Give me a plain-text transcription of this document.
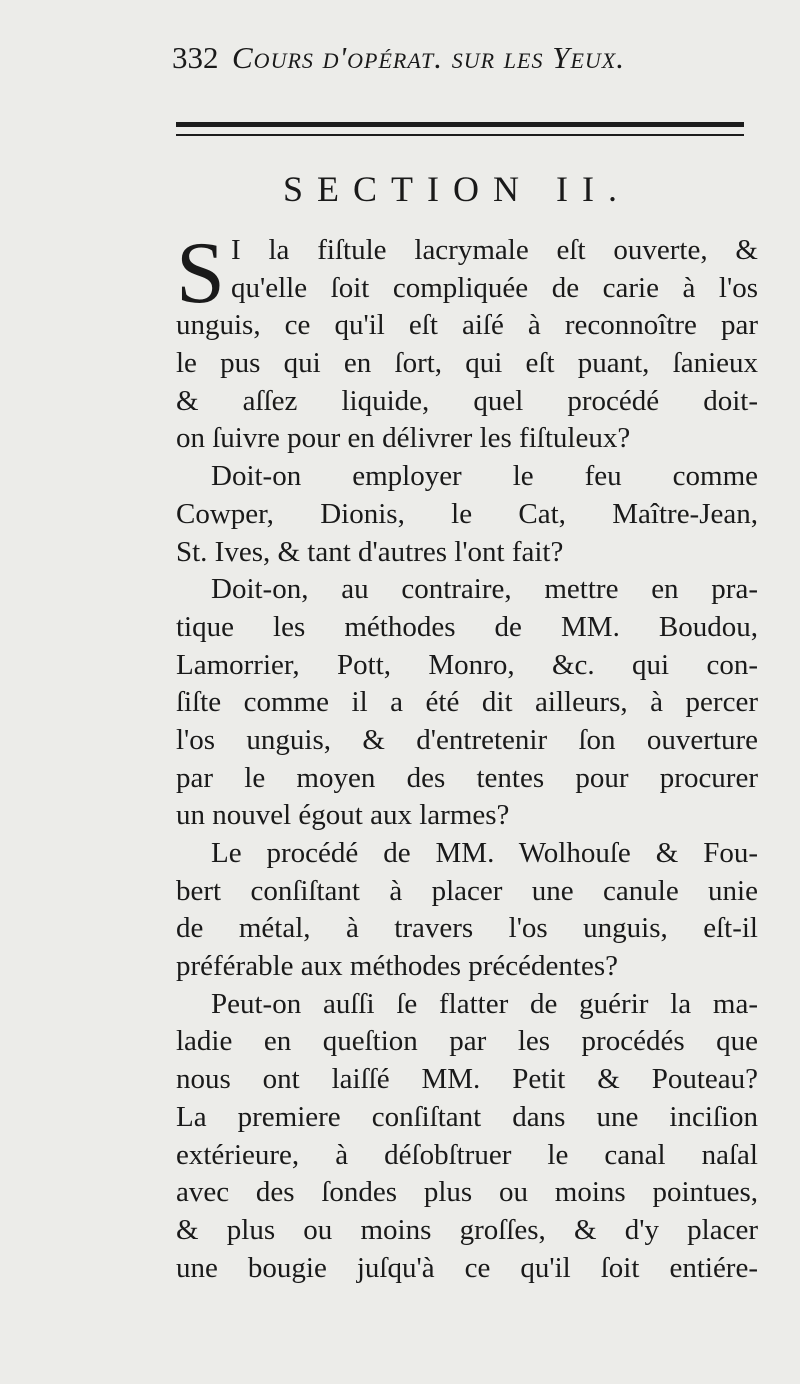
332 Cours d'opérat. sur les Yeux.
SECTION II.
S I la fiſtule lacrymale eſt ouverte, &
qu'elle ſoit compliquée de carie à l'os
unguis, ce qu'il eſt aiſé à reconnoître par
le pus qui en ſort, qui eſt puant, ſanieux
& aſſez liquide, quel procédé doit-
on ſuivre pour en délivrer les fiſtuleux?
Doit-on employer le feu comme
Cowper, Dionis, le Cat, Maître-Jean,
St. Ives, & tant d'autres l'ont fait?
Doit-on, au contraire, mettre en pra-
tique les méthodes de MM. Boudou,
Lamorrier, Pott, Monro, &c. qui con-
ſiſte comme il a été dit ailleurs, à percer
l'os unguis, & d'entretenir ſon ouverture
par le moyen des tentes pour procurer
un nouvel égout aux larmes?
Le procédé de MM. Wolhouſe & Fou-
bert conſiſtant à placer une canule unie
de métal, à travers l'os unguis, eſt-il
préférable aux méthodes précédentes?
Peut-on auſſi ſe flatter de guérir la ma-
ladie en queſtion par les procédés que
nous ont laiſſé MM. Petit & Pouteau?
La premiere conſiſtant dans une inciſion
extérieure, à déſobſtruer le canal naſal
avec des ſondes plus ou moins pointues,
& plus ou moins groſſes, & d'y placer
une bougie juſqu'à ce qu'il ſoit entiére-
